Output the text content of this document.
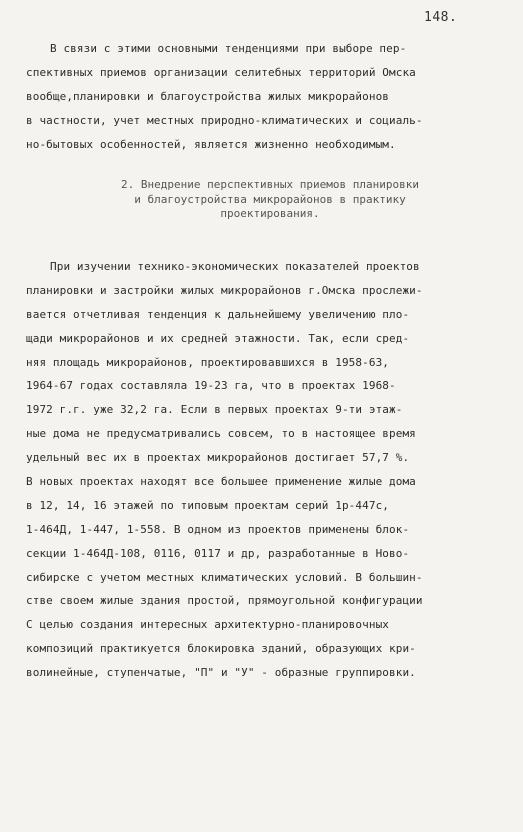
148.
В связи с этими основными тенденциями при выборе пер-
спективных приемов организации селитебных территорий Омска
вообще,планировки и благоустройства жилых микрорайонов
в частности, учет местных природно-климатических и социаль-
но-бытовых особенностей, является жизненно необходимым.
2. Внедрение перспективных приемов планировки
и благоустройства микрорайонов в практику
проектирования.
При изучении технико-экономических показателей проектов
планировки и застройки жилых микрорайонов г.Омска прослежи-
вается отчетливая тенденция к дальнейшему увеличению пло-
щади микрорайонов и их средней этажности. Так, если сред-
няя площадь микрорайонов, проектировавшихся в 1958-63,
1964-67 годах составляла 19-23 га, что в проектах 1968-
1972 г.г. уже 32,2 га. Если в первых проектах 9-ти этаж-
ные дома не предусматривались совсем, то в настоящее время
удельный вес их в проектах микрорайонов достигает 57,7 %.
В новых проектах находят все большее применение жилые дома
в 12, 14, 16 этажей по типовым проектам серий 1р-447с,
1-464Д, 1-447, 1-558. В одном из проектов применены блок-
секции 1-464Д-108, 0116, 0117 и др, разработанные в Ново-
сибирске с учетом местных климатических условий. В большин-
стве своем жилые здания простой, прямоугольной конфигурации
С целью создания интересных архитектурно-планировочных
композиций практикуется блокировка зданий, образующих кри-
волинейные, ступенчатые, "П" и "У" - образные группировки.
